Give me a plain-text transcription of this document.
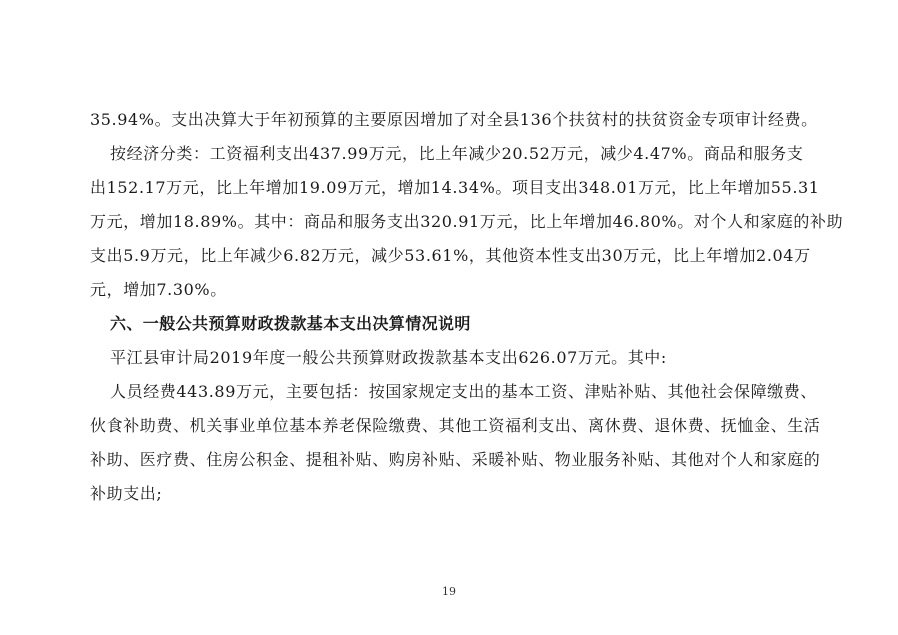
35.94%。支出决算大于年初预算的主要原因增加了对全县136个扶贫村的扶贫资金专项审计经费。
按经济分类：工资福利支出437.99万元，比上年减少20.52万元，减少4.47%。商品和服务支
出152.17万元，比上年增加19.09万元，增加14.34%。项目支出348.01万元，比上年增加55.31
万元，增加18.89%。其中：商品和服务支出320.91万元，比上年增加46.80%。对个人和家庭的补助
支出5.9万元，比上年减少6.82万元，减少53.61%，其他资本性支出30万元，比上年增加2.04万
元，增加7.30%。
六、一般公共预算财政拨款基本支出决算情况说明
平江县审计局2019年度一般公共预算财政拨款基本支出626.07万元。其中:
人员经费443.89万元，主要包括：按国家规定支出的基本工资、津贴补贴、其他社会保障缴费、
伙食补助费、机关事业单位基本养老保险缴费、其他工资福利支出、离休费、退休费、抚恤金、生活
补助、医疗费、住房公积金、提租补贴、购房补贴、采暖补贴、物业服务补贴、其他对个人和家庭的
补助支出;
19
